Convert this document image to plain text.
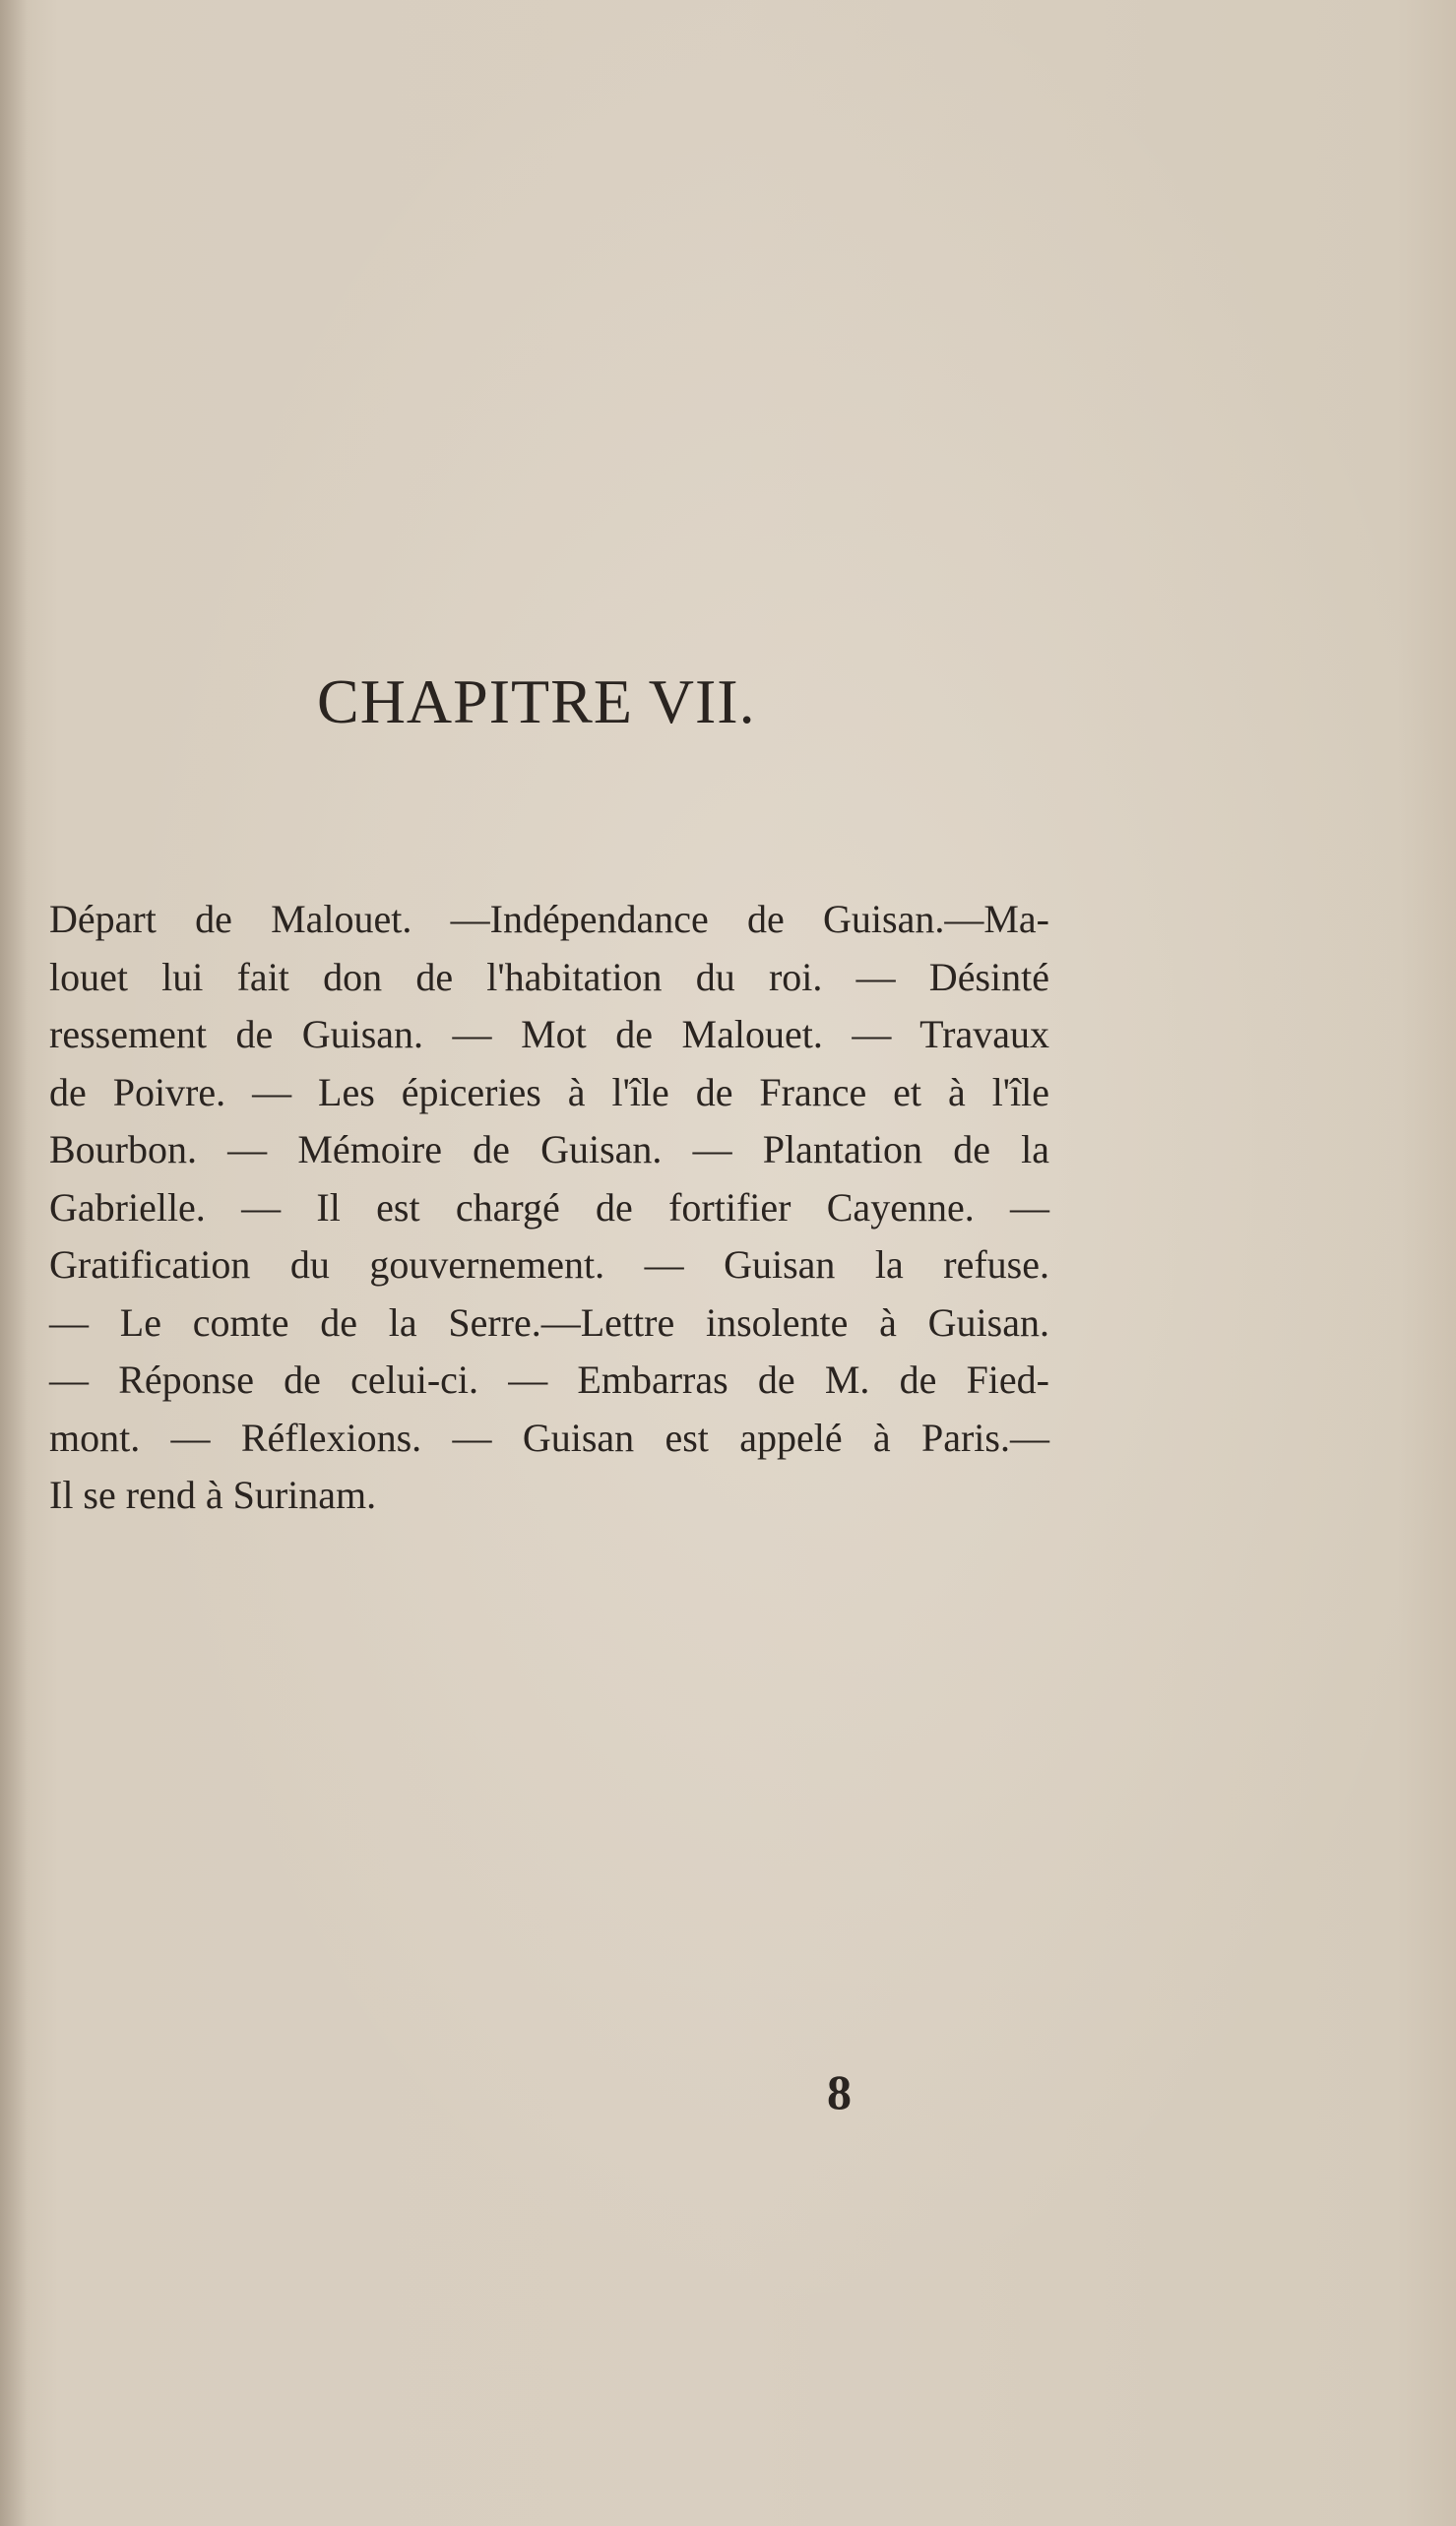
CHAPITRE VII.
Départ de Malouet. —Indépendance de Guisan.—Ma-
louet lui fait don de l'habitation du roi. — Désinté
ressement de Guisan. — Mot de Malouet. — Travaux
de Poivre. — Les épiceries à l'île de France et à l'île
Bourbon. — Mémoire de Guisan. — Plantation de la
Gabrielle. — Il est chargé de fortifier Cayenne. —
Gratification du gouvernement. — Guisan la refuse.
— Le comte de la Serre.—Lettre insolente à Guisan.
— Réponse de celui-ci. — Embarras de M. de Fied-
mont. — Réflexions. — Guisan est appelé à Paris.—
Il se rend à Surinam.
8
